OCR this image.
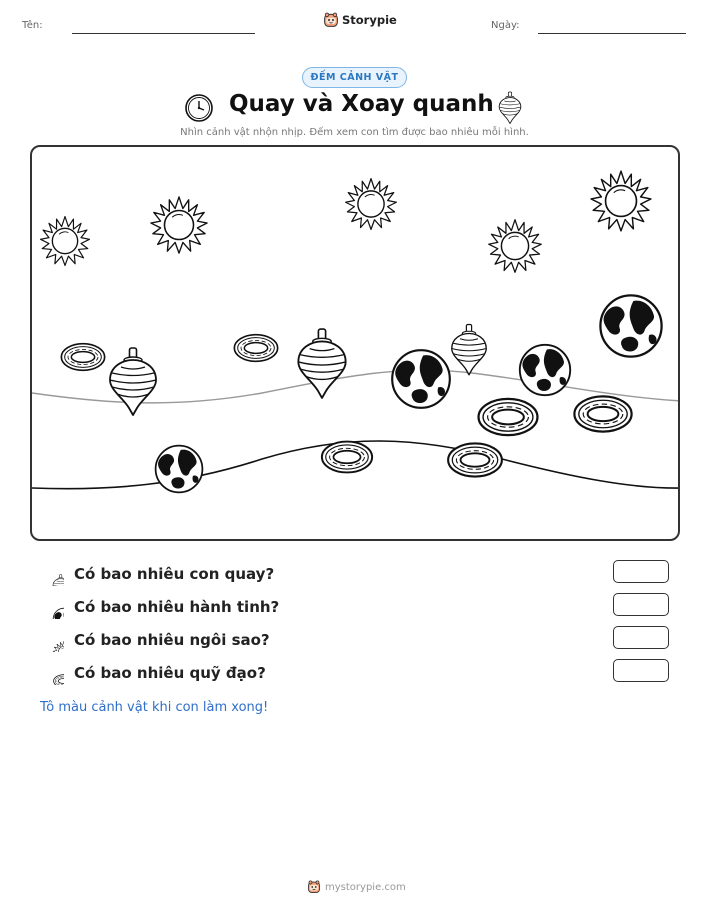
Tên:	Storypie	Ngày:
ĐẾM CẢNH VẬT
Quay và Xoay quanh
Nhìn cảnh vật nhộn nhịp. Đếm xem con tìm được bao nhiêu mỗi hình.
Có bao nhiêu con quay?
Có bao nhiêu hành tinh?
Có bao nhiêu ngôi sao?
Có bao nhiêu quỹ đạo?
Tô màu cảnh vật khi con làm xong!
mystorypie.com
